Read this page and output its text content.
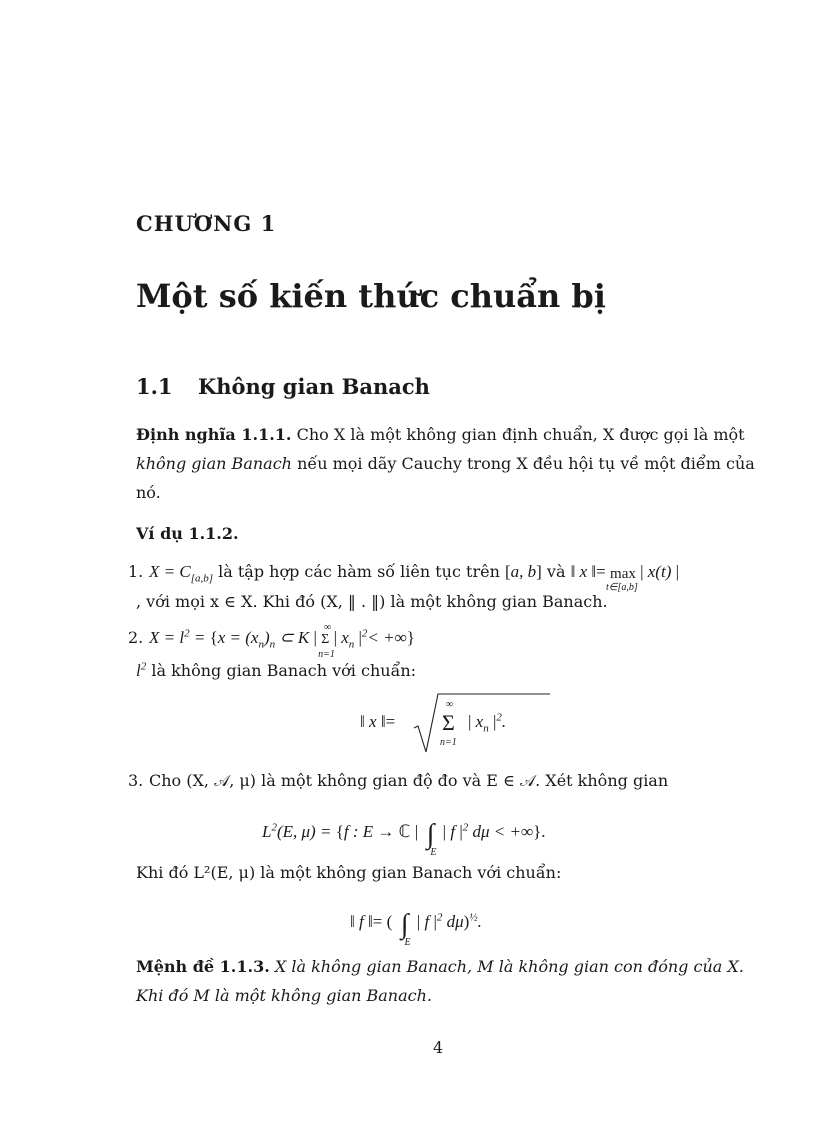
CHƯƠNG 1
Một số kiến thức chuẩn bị
1.1 Không gian Banach
Định nghĩa 1.1.1. Cho X là một không gian định chuẩn, X được gọi là một
không gian Banach nếu mọi dãy Cauchy trong X đều hội tụ về một điểm của
nó.
Ví dụ 1.1.2.
1. $X = C_{[a,b]}$ là tập hợp các hàm số liên tục trên [a, b] và ‖ x ‖= max
t∈[a,b]
| x(t) |
, với mọi x ∈ X. Khi đó (X, ‖ . ‖) là một không gian Banach.
2. $X = l^2 = \{x = (x_n)_n$ ⊂ K |
∞
Σ
n=1
| $x_n$ $|^2<$ +∞}
$l^2$ là không gian Banach với chuẩn:
‖ x ‖=
∞
Σ
n=1
| $x_n$ $|^2$.
3. Cho (X, 𝒜, μ) là một không gian độ đo và E ∈ 𝒜. Xét không gian
$L^2(E$, μ) = {f : E → ℂ | ∫
E
| f $|^2$ dμ < +∞}.
Khi đó L²(E, μ) là một không gian Banach với chuẩn:
‖ f ‖= ( ∫
E
| f $|^2$ dμ)$^{\frac{1}{2}}$.
Mệnh đề 1.1.3. X là không gian Banach, M là không gian con đóng của X.
Khi đó M là một không gian Banach.
4
